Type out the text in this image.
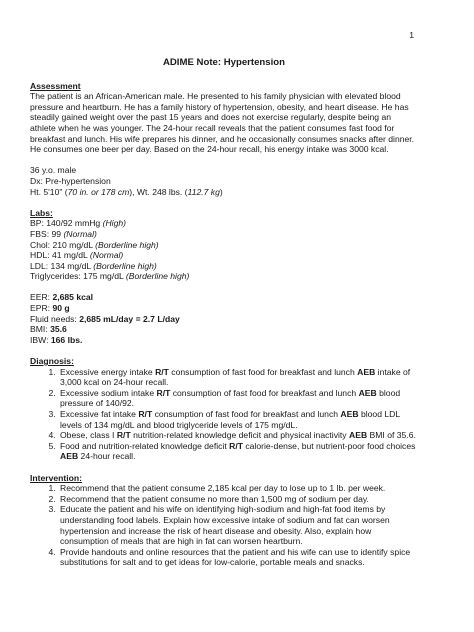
1
ADIME Note: Hypertension
Assessment

The patient is an African-American male. He presented to his family physician with elevated blood pressure and heartburn. He has a family history of hypertension, obesity, and heart disease. He has steadily gained weight over the past 15 years and does not exercise regularly, despite being an athlete when he was younger. The 24-hour recall reveals that the patient consumes fast food for breakfast and lunch. His wife prepares his dinner, and he occasionally consumes snacks after dinner. He consumes one beer per day. Based on the 24-hour recall, his energy intake was 3000 kcal.

36 y.o. male
Dx: Pre-hypertension
Ht. 5'10" (70 in. or 178 cm), Wt. 248 lbs. (112.7 kg)
Labs:
BP: 140/92 mmHg (High)
FBS: 99 (Normal)
Chol: 210 mg/dL (Borderline high)
HDL: 41 mg/dL (Normal)
LDL: 134 mg/dL (Borderline high)
Triglycerides: 175 mg/dL (Borderline high)
EER: 2,685 kcal
EPR: 90 g
Fluid needs: 2,685 mL/day = 2.7 L/day
BMI: 35.6
IBW: 166 lbs.
Diagnosis:
1. Excessive energy intake R/T consumption of fast food for breakfast and lunch AEB intake of 3,000 kcal on 24-hour recall.
2. Excessive sodium intake R/T consumption of fast food for breakfast and lunch AEB blood pressure of 140/92.
3. Excessive fat intake R/T consumption of fast food for breakfast and lunch AEB blood LDL levels of 134 mg/dL and blood triglyceride levels of 175 mg/dL.
4. Obese, class I R/T nutrition-related knowledge deficit and physical inactivity AEB BMI of 35.6.
5. Food and nutrition-related knowledge deficit R/T calorie-dense, but nutrient-poor food choices AEB 24-hour recall.
Intervention:
1. Recommend that the patient consume 2,185 kcal per day to lose up to 1 lb. per week.
2. Recommend that the patient consume no more than 1,500 mg of sodium per day.
3. Educate the patient and his wife on identifying high-sodium and high-fat food items by understanding food labels. Explain how excessive intake of sodium and fat can worsen hypertension and increase the risk of heart disease and obesity. Also, explain how consumption of meals that are high in fat can worsen heartburn.
4. Provide handouts and online resources that the patient and his wife can use to identify spice substitutions for salt and to get ideas for low-calorie, portable meals and snacks.
